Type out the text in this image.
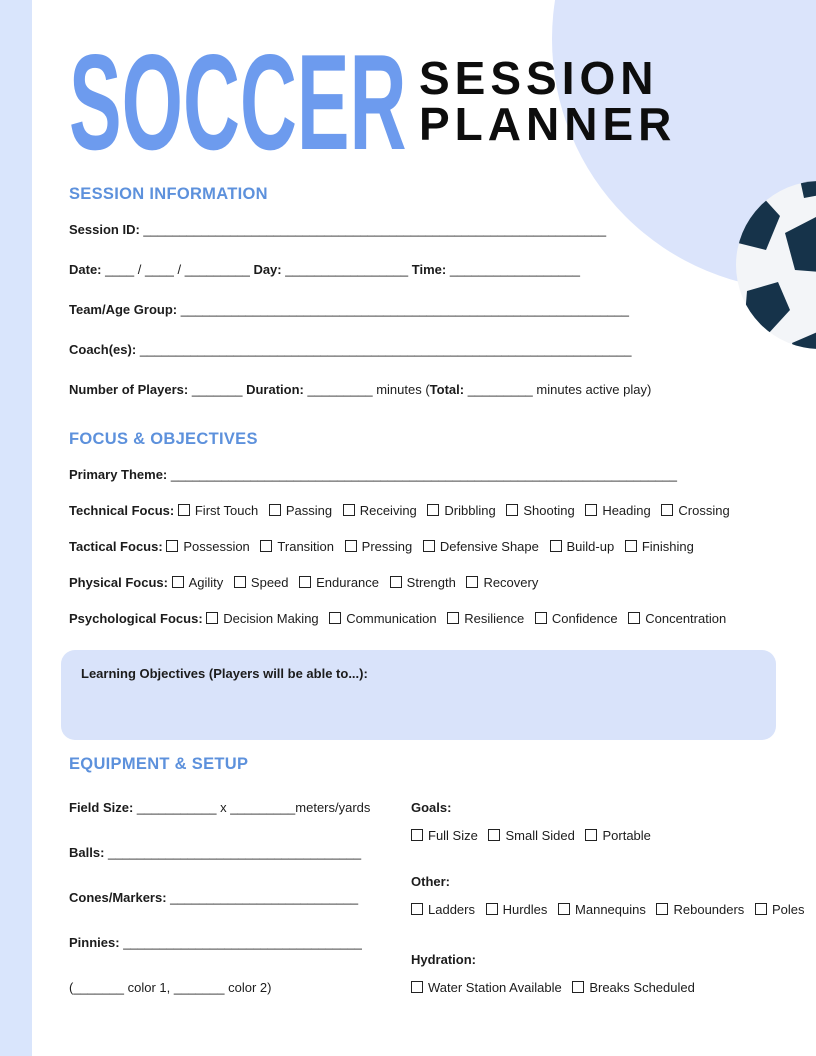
SOCCER SESSION
PLANNER
SESSION INFORMATION
Session ID: ________________________________________________________________
Date: ____ / ____ / _________ Day: _________________ Time: __________________
Team/Age Group: ______________________________________________________________
Coach(es): ____________________________________________________________________
Number of Players: _______ Duration: _________ minutes (Total: _________ minutes active play)
FOCUS & OBJECTIVES
Primary Theme: ______________________________________________________________________
Technical Focus: First Touch Passing Receiving Dribbling Shooting Heading Crossing
Tactical Focus: Possession Transition Pressing Defensive Shape Build-up Finishing
Physical Focus: Agility Speed Endurance Strength Recovery
Psychological Focus: Decision Making Communication Resilience Confidence Concentration
Learning Objectives (Players will be able to...):
EQUIPMENT & SETUP
Field Size: ___________ x _________meters/yards
Balls: ___________________________________
Cones/Markers: __________________________
Pinnies: _________________________________
(_______ color 1, _______ color 2)
Goals:
Full Size Small Sided Portable
Other:
Ladders Hurdles Mannequins Rebounders Poles
Hydration:
Water Station Available Breaks Scheduled
